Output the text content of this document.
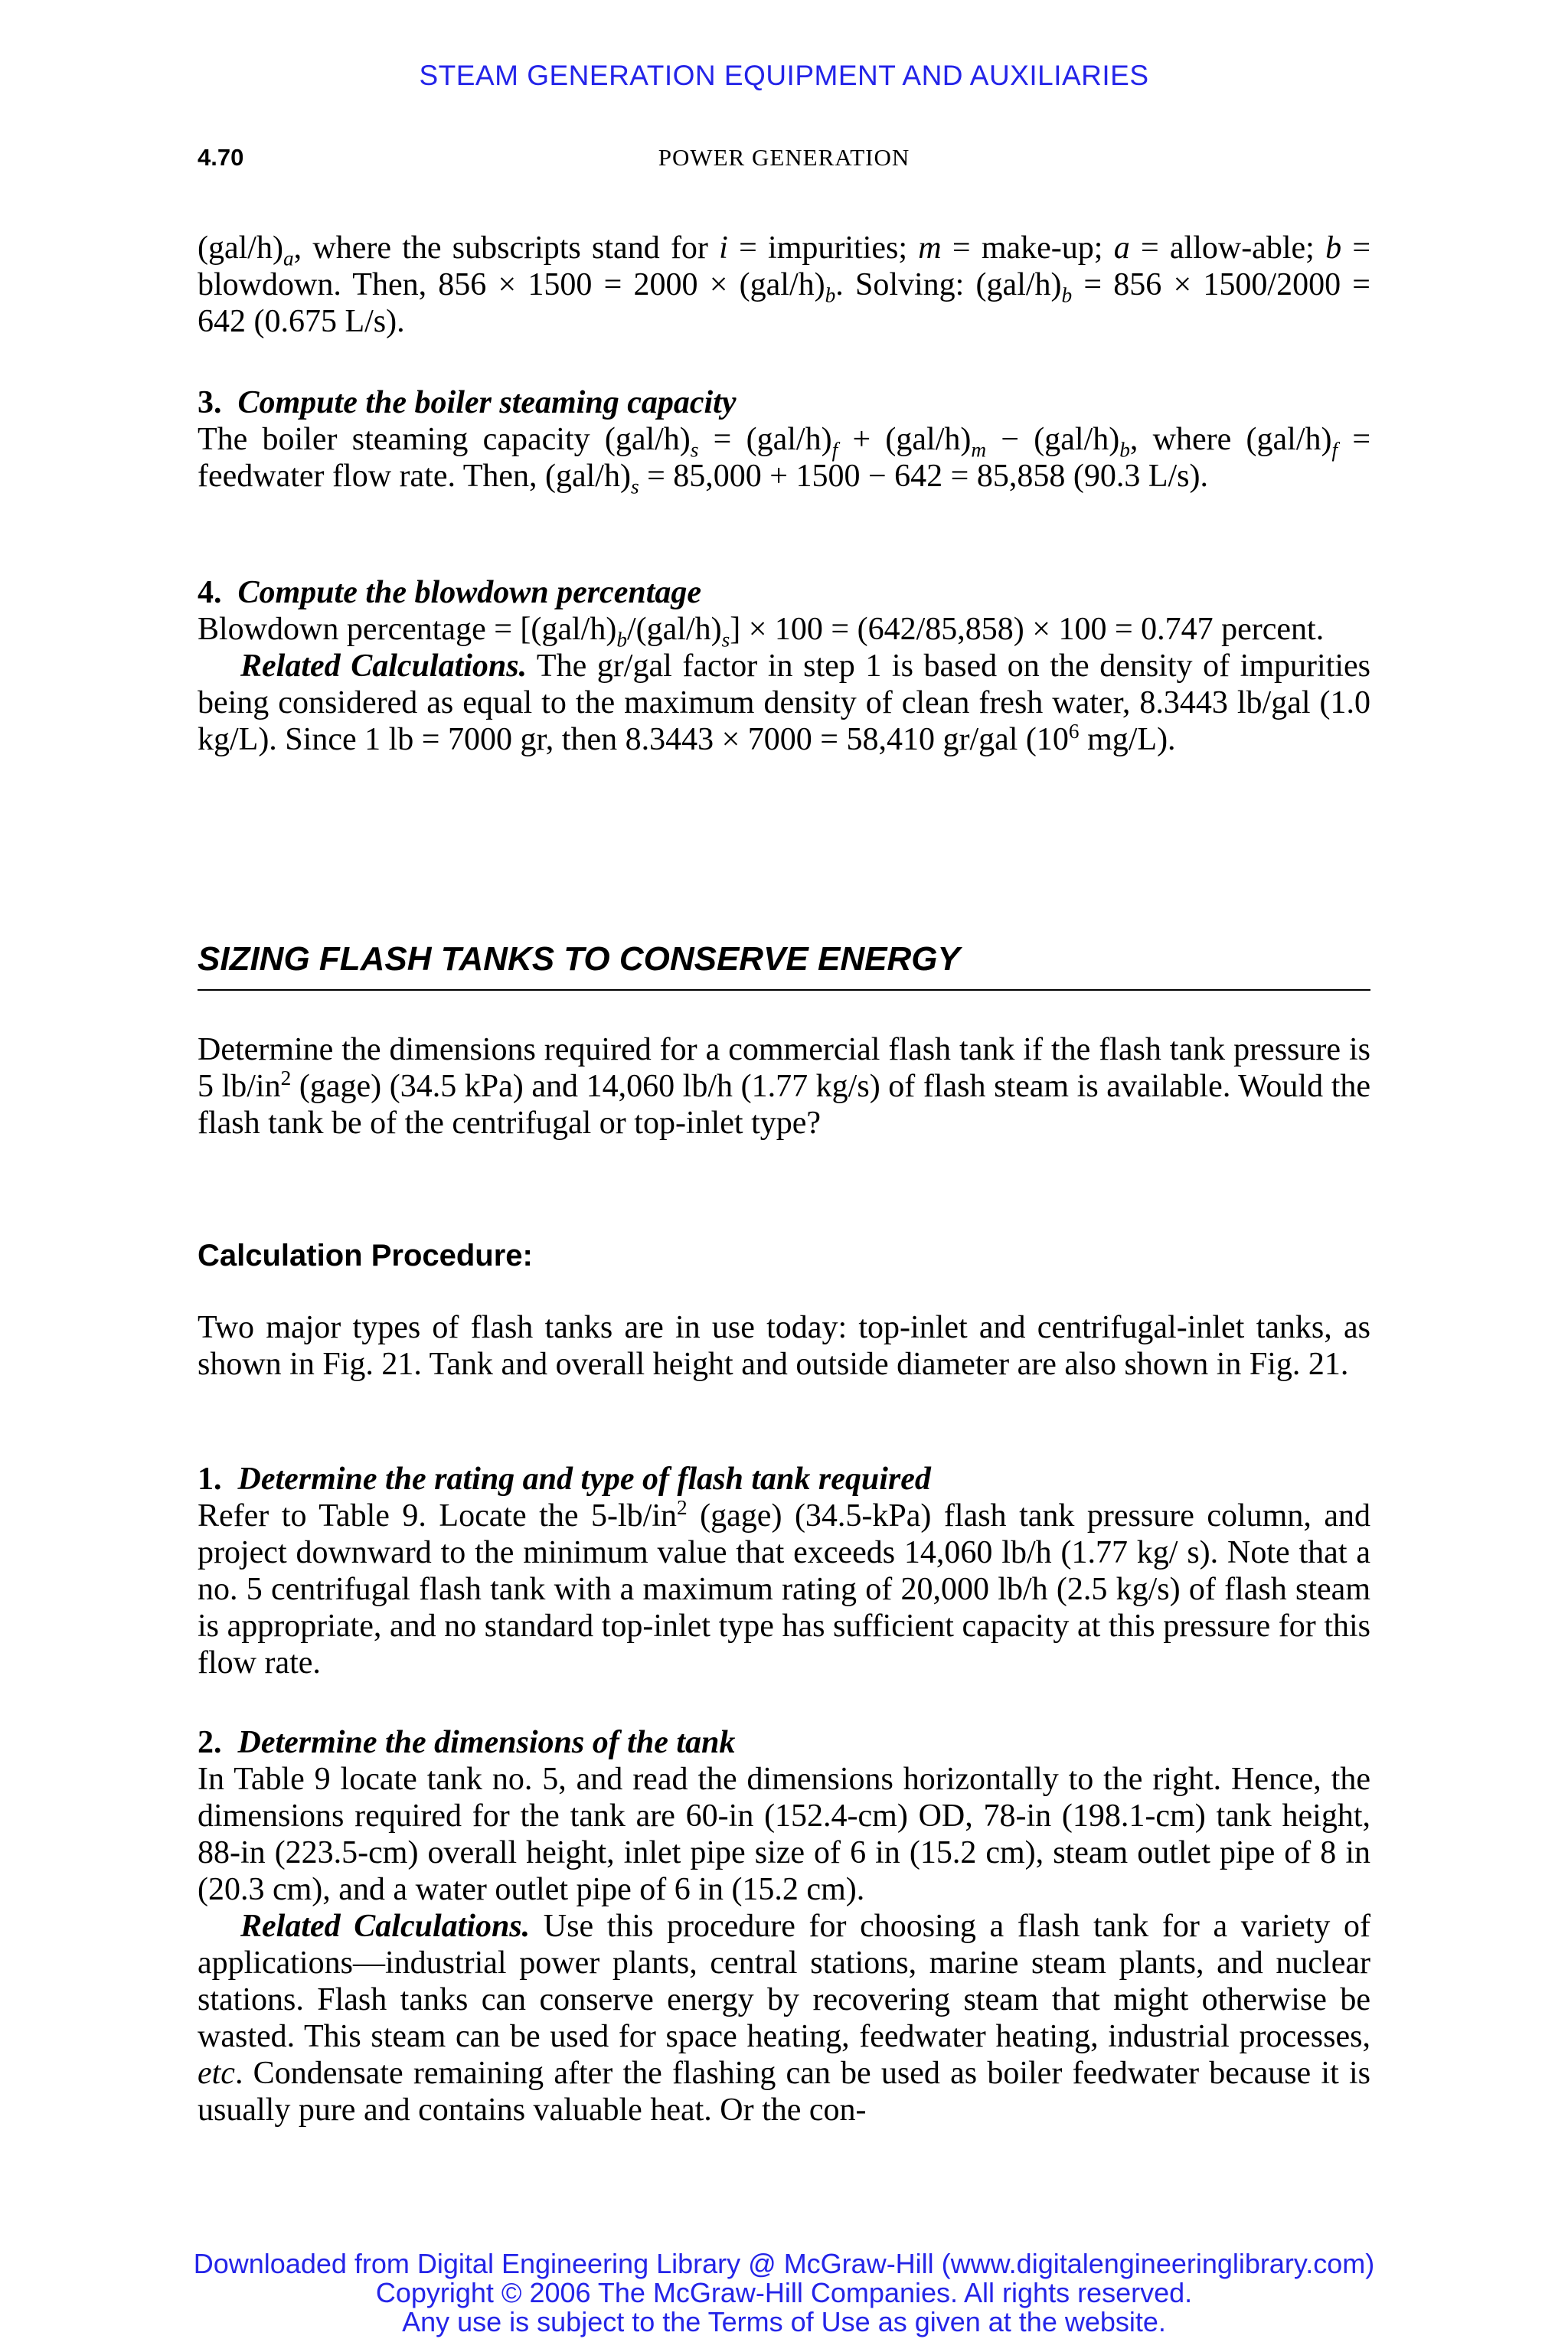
STEAM GENERATION EQUIPMENT AND AUXILIARIES
4.70	POWER GENERATION

$(gal/h)_a$, where the subscripts stand for i = impurities; m = make-up; a = allow-able; b = blowdown. Then, $856 \times 1500 = 2000 \times (gal/h)_b$. Solving: $(gal/h)_b = 856 \times 1500/2000 = 642$ (0.675 L/s).

3. Compute the boiler steaming capacity

The boiler steaming capacity $(gal/h)_s = (gal/h)_f + (gal/h)_m - (gal/h)_b$, where $(gal/h)_f$ = feedwater flow rate. Then, $(gal/h)_s = 85,000 + 1500 - 642 = 85,858$ (90.3 L/s).

4. Compute the blowdown percentage

Blowdown percentage = $[(gal/h)_b/(gal/h)_s] \times 100 = (642/85,858) \times 100 = 0.747$ percent.

Related Calculations. The gr/gal factor in step 1 is based on the density of impurities being considered as equal to the maximum density of clean fresh water, 8.3443 lb/gal (1.0 kg/L). Since 1 lb = 7000 gr, then 8.3443 × 7000 = 58,410 gr/gal ($10^6$ mg/L).

SIZING FLASH TANKS TO CONSERVE ENERGY

Determine the dimensions required for a commercial flash tank if the flash tank pressure is 5 $lb/in^2$ (gage) (34.5 kPa) and 14,060 lb/h (1.77 kg/s) of flash steam is available. Would the flash tank be of the centrifugal or top-inlet type?

Calculation Procedure:

Two major types of flash tanks are in use today: top-inlet and centrifugal-inlet tanks, as shown in Fig. 21. Tank and overall height and outside diameter are also shown in Fig. 21.

1. Determine the rating and type of flash tank required

Refer to Table 9. Locate the $5-lb/in^2$ (gage) (34.5-kPa) flash tank pressure column, and project downward to the minimum value that exceeds 14,060 lb/h (1.77 kg/ s). Note that a no. 5 centrifugal flash tank with a maximum rating of 20,000 lb/h (2.5 kg/s) of flash steam is appropriate, and no standard top-inlet type has sufficient capacity at this pressure for this flow rate.

2. Determine the dimensions of the tank

In Table 9 locate tank no. 5, and read the dimensions horizontally to the right. Hence, the dimensions required for the tank are 60-in (152.4-cm) OD, 78-in (198.1-cm) tank height, 88-in (223.5-cm) overall height, inlet pipe size of 6 in (15.2 cm), steam outlet pipe of 8 in (20.3 cm), and a water outlet pipe of 6 in (15.2 cm).

Related Calculations. Use this procedure for choosing a flash tank for a variety of applications—industrial power plants, central stations, marine steam plants, and nuclear stations. Flash tanks can conserve energy by recovering steam that might otherwise be wasted. This steam can be used for space heating, feedwater heating, industrial processes, etc. Condensate remaining after the flashing can be used as boiler feedwater because it is usually pure and contains valuable heat. Or the con-

Downloaded from Digital Engineering Library @ McGraw-Hill (www.digitalengineeringlibrary.com)
Copyright © 2006 The McGraw-Hill Companies. All rights reserved.
Any use is subject to the Terms of Use as given at the website.
